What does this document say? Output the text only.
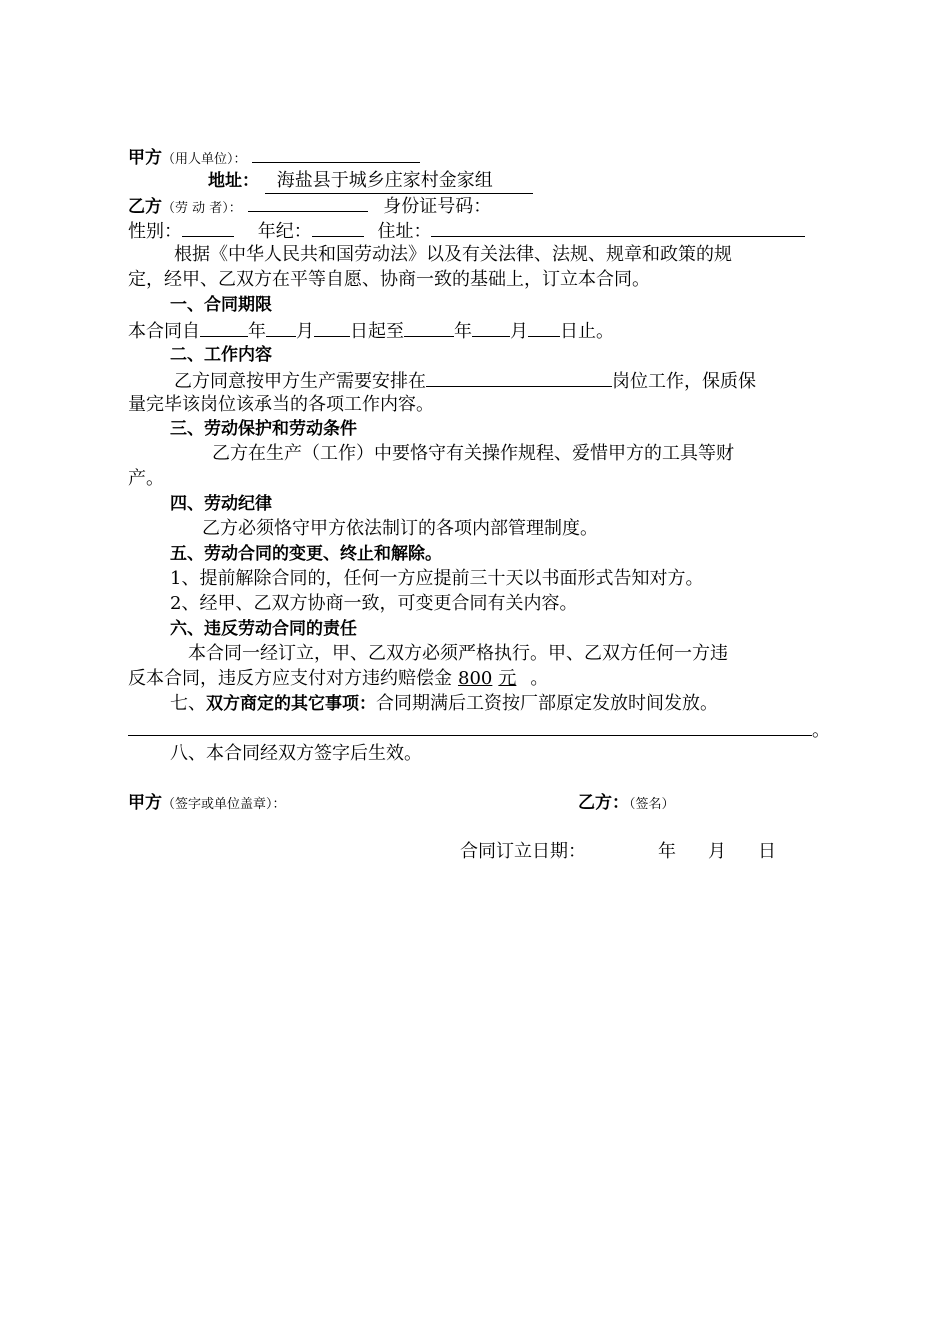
甲方（用人单位）：
地址： 海盐县于城乡庄家村金家组
乙方（劳 动 者）：	身份证号码：
性别：	年纪：	住址：
根据《中华人民共和国劳动法》以及有关法律、法规、规章和政策的规
定，经甲、乙双方在平等自愿、协商一致的基础上，订立本合同。
一、合同期限
本合同自	年 月 日起至	年 月 日止。
二、工作内容
乙方同意按甲方生产需要安排在	岗位工作，保质保
量完毕该岗位该承当的各项工作内容。
三、劳动保护和劳动条件
乙方在生产（工作）中要恪守有关操作规程、爱惜甲方的工具等财
产。
四、劳动纪律
乙方必须恪守甲方依法制订的各项内部管理制度。
五、劳动合同的变更、终止和解除。
1、提前解除合同的，任何一方应提前三十天以书面形式告知对方。
2、经甲、乙双方协商一致，可变更合同有关内容。
六、违反劳动合同的责任
本合同一经订立，甲、乙双方必须严格执行。甲、乙双方任何一方违
反本合同，违反方应支付对方违约赔偿金 800 元 。
七、双方商定的其它事项：合同期满后工资按厂部原定发放时间发放。
。
八、本合同经双方签字后生效。
甲方（签字或单位盖章）：	乙方：（签名）
合同订立日期：	年 月 日
